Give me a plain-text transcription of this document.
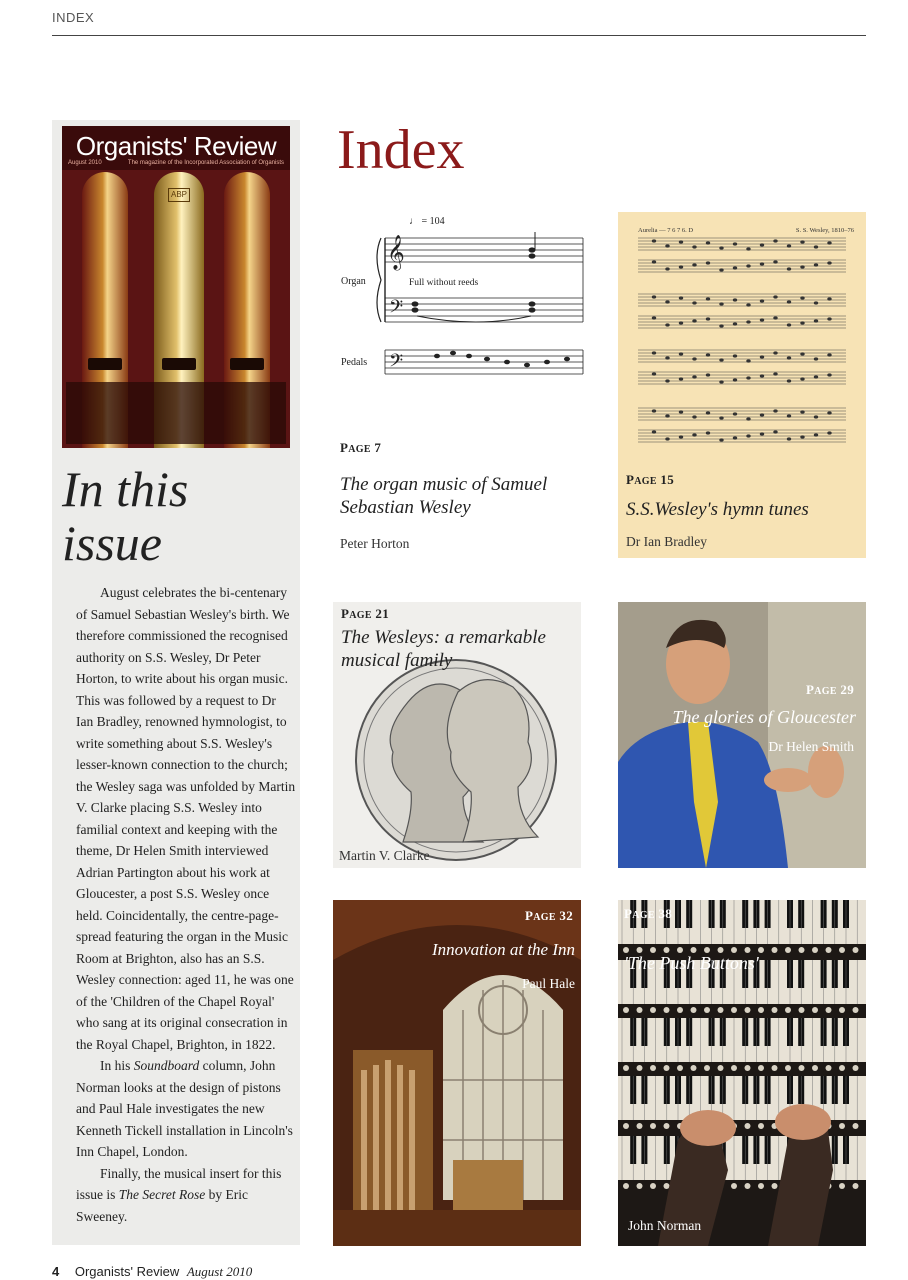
INDEX
Organists' Review
August 2010	The magazine of the Incorporated Association of Organists
ABP
In this issue

August celebrates the bi-centenary of Samuel Sebastian Wesley's birth. We therefore commissioned the recognised authority on S.S. Wesley, Dr Peter Horton, to write about his organ music. This was followed by a request to Dr Ian Bradley, renowned hymnologist, to write something about S.S. Wesley's lesser-known connection to the church; the Wesley saga was unfolded by Martin V. Clarke placing S.S. Wesley into familial context and keeping with the theme, Dr Helen Smith interviewed Adrian Partington about his work at Gloucester, a post S.S. Wesley once held. Coincidentally, the centre-page-spread featuring the organ in the Music Room at Brighton, also has an S.S. Wesley connection: aged 11, he was one of the 'Children of the Chapel Royal' who sang at its original consecration in the Royal Chapel, Brighton, in 1822.

In his Soundboard column, John Norman looks at the design of pistons and Paul Hale investigates the new Kenneth Tickell installation in Lincoln's Inn Chapel, London.

Finally, the musical insert for this issue is The Secret Rose by Eric Sweeney.

Index
♩ = 104
Organ
Pedals
Full without reeds
𝄞
𝄢
𝄢
PAGE 7
The organ music of Samuel Sebastian Wesley
Peter Horton
Aurelia — 7 6 7 6. D	S. S. Wesley, 1810–76
PAGE 15
S.S.Wesley's hymn tunes
Dr Ian Bradley
PAGE 21
The Wesleys: a remarkable musical family
Martin V. Clarke
PAGE 29
The glories of Gloucester
Dr Helen Smith
PAGE 32
Innovation at the Inn
Paul Hale
PAGE 38
'The Push Buttons'
John Norman
4 Organists' Review August 2010
